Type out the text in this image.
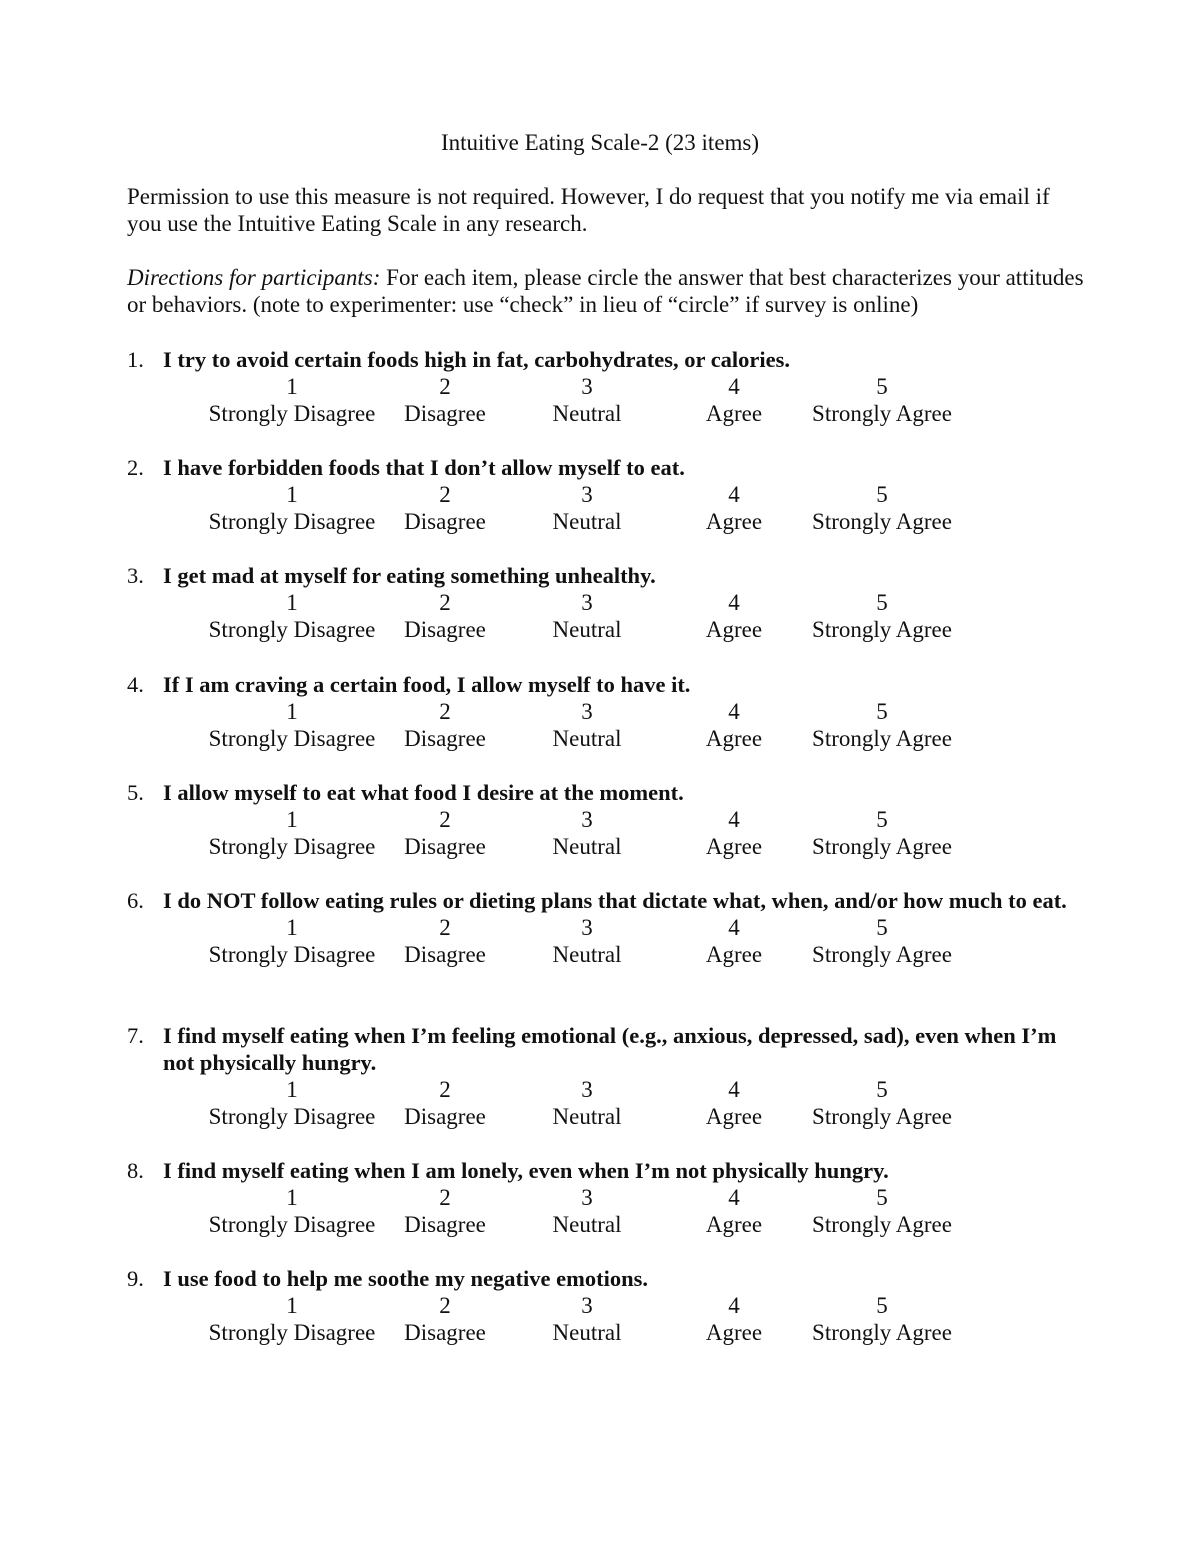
Intuitive Eating Scale-2 (23 items)
Permission to use this measure is not required. However, I do request that you notify me via email if you use the Intuitive Eating Scale in any research.
Directions for participants: For each item, please circle the answer that best characterizes your attitudes or behaviors. (note to experimenter: use “check” in lieu of “circle” if survey is online)
1. I try to avoid certain foods high in fat, carbohydrates, or calories.
1
Strongly Disagree
2
Disagree
3
Neutral
4
Agree
5
Strongly Agree
2. I have forbidden foods that I don’t allow myself to eat.
1
Strongly Disagree
2
Disagree
3
Neutral
4
Agree
5
Strongly Agree
3. I get mad at myself for eating something unhealthy.
1
Strongly Disagree
2
Disagree
3
Neutral
4
Agree
5
Strongly Agree
4. If I am craving a certain food, I allow myself to have it.
1
Strongly Disagree
2
Disagree
3
Neutral
4
Agree
5
Strongly Agree
5. I allow myself to eat what food I desire at the moment.
1
Strongly Disagree
2
Disagree
3
Neutral
4
Agree
5
Strongly Agree
6. I do NOT follow eating rules or dieting plans that dictate what, when, and/or how much to eat.
1
Strongly Disagree
2
Disagree
3
Neutral
4
Agree
5
Strongly Agree
7. I find myself eating when I’m feeling emotional (e.g., anxious, depressed, sad), even when I’m not physically hungry.
1
Strongly Disagree
2
Disagree
3
Neutral
4
Agree
5
Strongly Agree
8. I find myself eating when I am lonely, even when I’m not physically hungry.
1
Strongly Disagree
2
Disagree
3
Neutral
4
Agree
5
Strongly Agree
9. I use food to help me soothe my negative emotions.
1
Strongly Disagree
2
Disagree
3
Neutral
4
Agree
5
Strongly Agree
